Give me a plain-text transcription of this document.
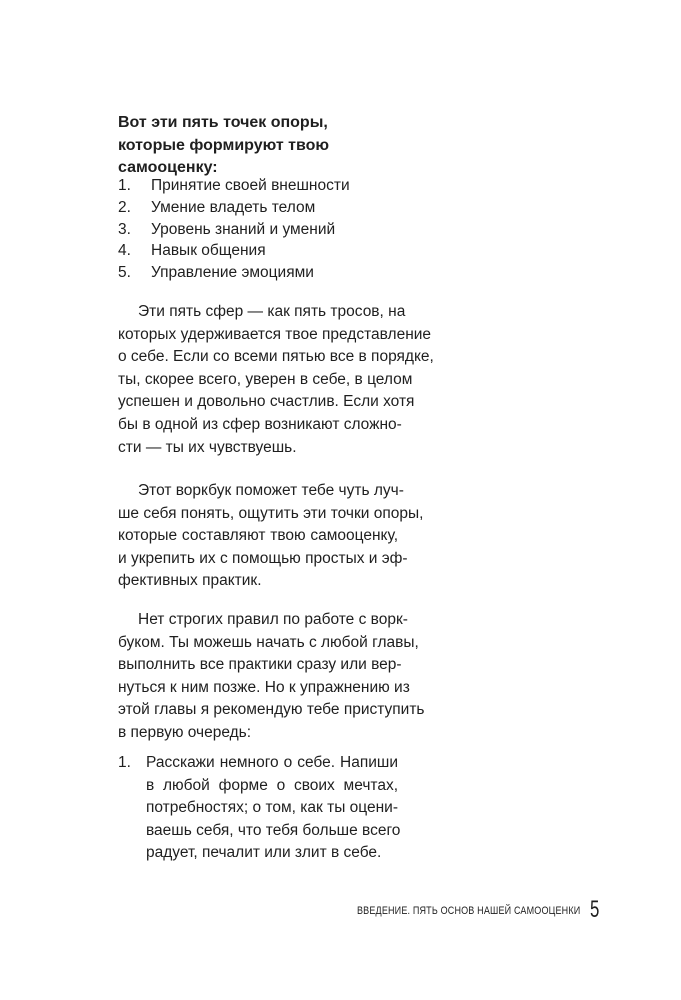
Вот эти пять точек опоры,
которые формируют твою
самооценку:
1.	Принятие своей внешности
2.	Умение владеть телом
3.	Уровень знаний и умений
4.	Навык общения
5.	Управление эмоциями
Эти пять сфер — как пять тросов, на
которых удерживается твое представление
о себе. Если со всеми пятью все в порядке,
ты, скорее всего, уверен в себе, в целом
успешен и довольно счастлив. Если хотя
бы в одной из сфер возникают сложно-
сти — ты их чувствуешь.
Этот воркбук поможет тебе чуть луч-
ше себя понять, ощутить эти точки опоры,
которые составляют твою самооценку,
и укрепить их с помощью простых и эф-
фективных практик.
Нет строгих правил по работе с ворк-
буком. Ты можешь начать с любой главы,
выполнить все практики сразу или вер-
нуться к ним позже. Но к упражнению из
этой главы я рекомендую тебе приступить
в первую очередь:
1. Расскажи немного о себе. Напиши
в любой форме о своих мечтах,
потребностях; о том, как ты оцени-
ваешь себя, что тебя больше всего
радует, печалит или злит в себе.
ВВЕДЕНИЕ. ПЯТЬ ОСНОВ НАШЕЙ САМООЦЕНКИ 5
